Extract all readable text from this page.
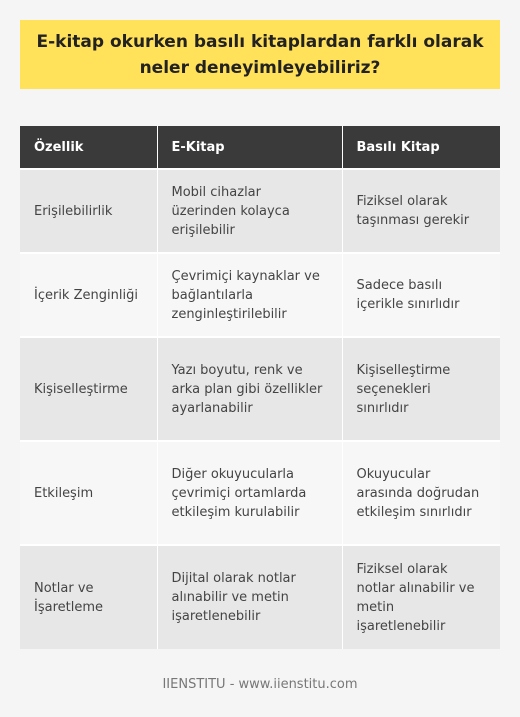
E-kitap okurken basılı kitaplardan farklı olarak neler deneyimleyebiliriz?
Özellik	E-Kitap	Basılı Kitap
Erişilebilirlik	Mobil cihazlar üzerinden kolayca erişilebilir	Fiziksel olarak taşınması gerekir
İçerik Zenginliği	Çevrimiçi kaynaklar ve bağlantılarla zenginleştirilebilir	Sadece basılı içerikle sınırlıdır
Kişiselleştirme	Yazı boyutu, renk ve arka plan gibi özellikler ayarlanabilir	Kişiselleştirme seçenekleri sınırlıdır
Etkileşim	Diğer okuyucularla çevrimiçi ortamlarda etkileşim kurulabilir	Okuyucular arasında doğrudan etkileşim sınırlıdır
Notlar ve İşaretleme	Dijital olarak notlar alınabilir ve metin işaretlenebilir	Fiziksel olarak notlar alınabilir ve metin işaretlenebilir
IIENSTITU - www.iienstitu.com
